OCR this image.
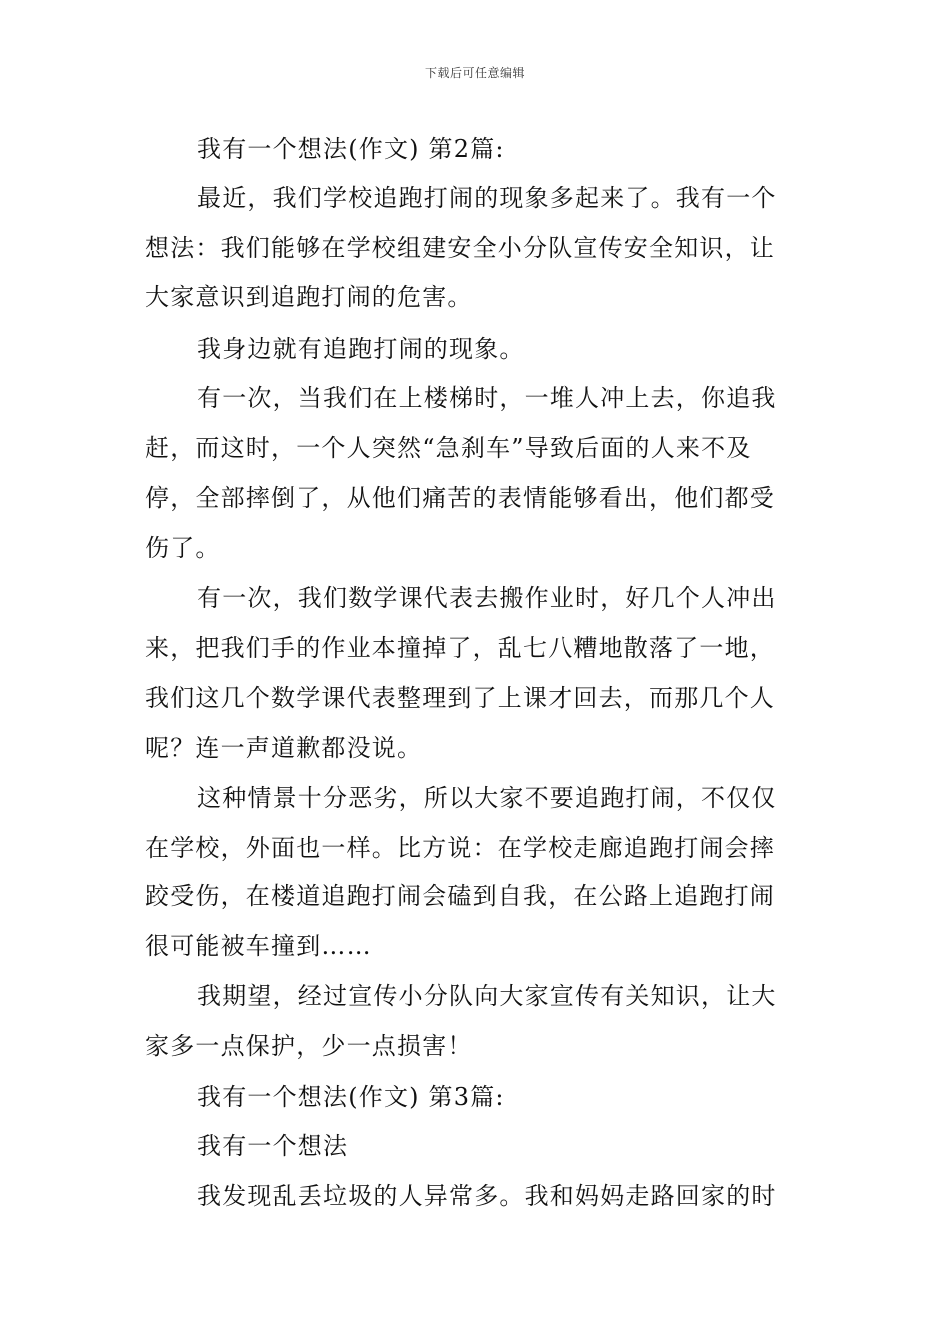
下载后可任意编辑
我有一个想法(作文) 第2篇:
最近，我们学校追跑打闹的现象多起来了。我有一个
想法：我们能够在学校组建安全小分队宣传安全知识，让
大家意识到追跑打闹的危害。
我身边就有追跑打闹的现象。
有一次，当我们在上楼梯时，一堆人冲上去，你追我
赶，而这时，一个人突然“急刹车”导致后面的人来不及
停，全部摔倒了，从他们痛苦的表情能够看出，他们都受
伤了。
有一次，我们数学课代表去搬作业时，好几个人冲出
来，把我们手的作业本撞掉了，乱七八糟地散落了一地，
我们这几个数学课代表整理到了上课才回去，而那几个人
呢？连一声道歉都没说。
这种情景十分恶劣，所以大家不要追跑打闹，不仅仅
在学校，外面也一样。比方说：在学校走廊追跑打闹会摔
跤受伤，在楼道追跑打闹会磕到自我，在公路上追跑打闹
很可能被车撞到……
我期望，经过宣传小分队向大家宣传有关知识，让大
家多一点保护，少一点损害！
我有一个想法(作文) 第3篇:
我有一个想法
我发现乱丢垃圾的人异常多。我和妈妈走路回家的时
